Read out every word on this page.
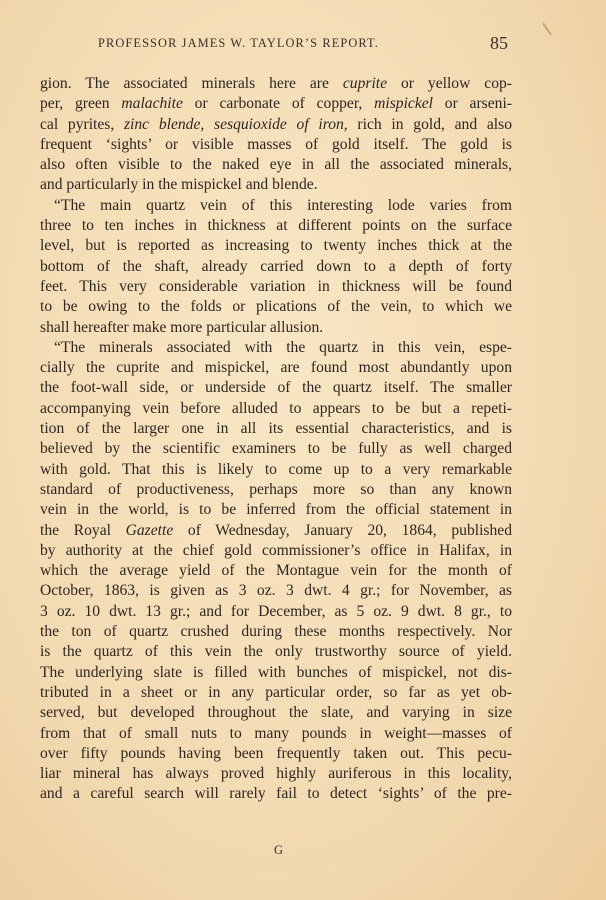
PROFESSOR JAMES W. TAYLOR’S REPORT.	85
gion. The associated minerals here are cuprite or yellow cop-
per, green malachite or carbonate of copper, mispickel or arseni-
cal pyrites, zinc blende, sesquioxide of iron, rich in gold, and also
frequent ‘sights’ or visible masses of gold itself. The gold is
also often visible to the naked eye in all the associated minerals,
and particularly in the mispickel and blende.
“The main quartz vein of this interesting lode varies from
three to ten inches in thickness at different points on the surface
level, but is reported as increasing to twenty inches thick at the
bottom of the shaft, already carried down to a depth of forty
feet. This very considerable variation in thickness will be found
to be owing to the folds or plications of the vein, to which we
shall hereafter make more particular allusion.
“The minerals associated with the quartz in this vein, espe-
cially the cuprite and mispickel, are found most abundantly upon
the foot-wall side, or underside of the quartz itself. The smaller
accompanying vein before alluded to appears to be but a repeti-
tion of the larger one in all its essential characteristics, and is
believed by the scientific examiners to be fully as well charged
with gold. That this is likely to come up to a very remarkable
standard of productiveness, perhaps more so than any known
vein in the world, is to be inferred from the official statement in
the Royal Gazette of Wednesday, January 20, 1864, published
by authority at the chief gold commissioner’s office in Halifax, in
which the average yield of the Montague vein for the month of
October, 1863, is given as 3 oz. 3 dwt. 4 gr.; for November, as
3 oz. 10 dwt. 13 gr.; and for December, as 5 oz. 9 dwt. 8 gr., to
the ton of quartz crushed during these months respectively. Nor
is the quartz of this vein the only trustworthy source of yield.
The underlying slate is filled with bunches of mispickel, not dis-
tributed in a sheet or in any particular order, so far as yet ob-
served, but developed throughout the slate, and varying in size
from that of small nuts to many pounds in weight—masses of
over fifty pounds having been frequently taken out. This pecu-
liar mineral has always proved highly auriferous in this locality,
and a careful search will rarely fail to detect ‘sights’ of the pre-
G
